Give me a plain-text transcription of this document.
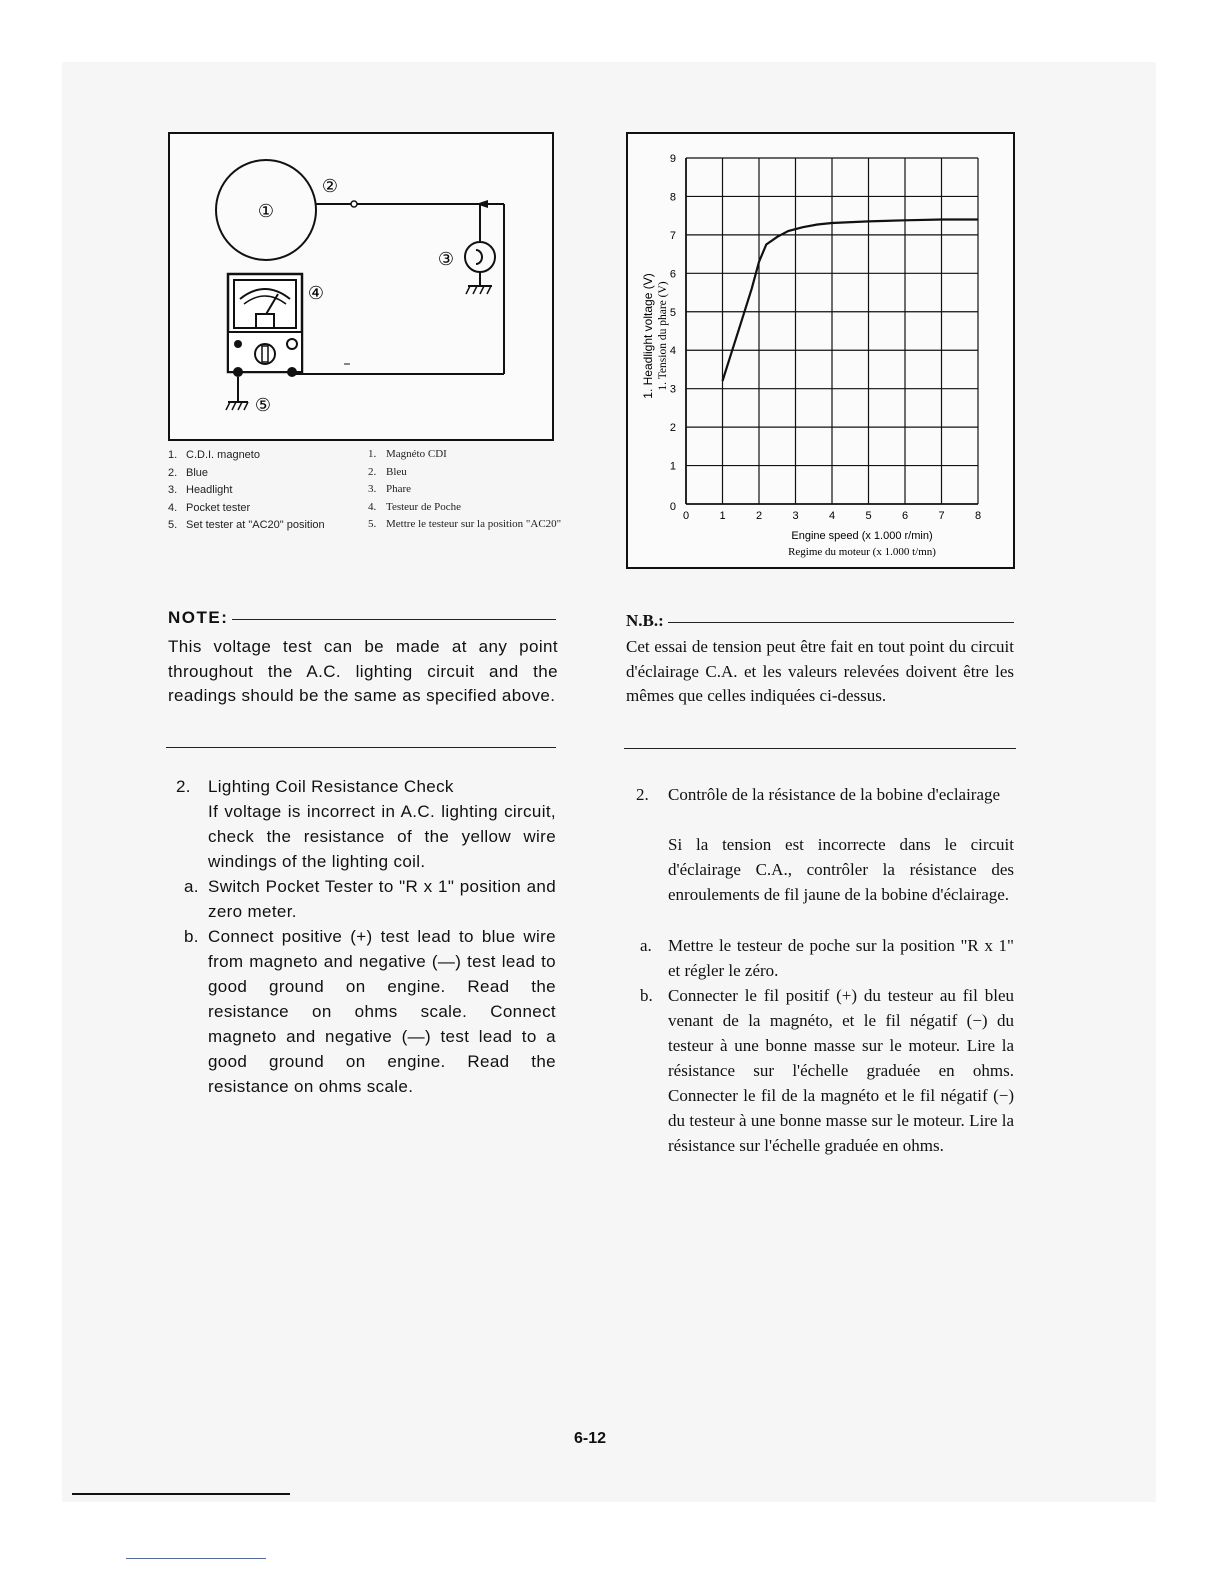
①
②
③
④
⑤
1. C.D.I. magneto
2. Blue
3. Headlight
4. Pocket tester
5. Set tester at "AC20" position
1. Magnéto CDI
2. Bleu
3. Phare
4. Testeur de Poche
5. Mettre le testeur sur la position "AC20"
0	1	2	3	4	5	6	7	8
1
2
3
4
5
6
7
8
9
0
1. Headlight voltage (V) 1. Tension du phare (V)
Engine speed (x 1.000 r/min)
Regime du moteur (x 1.000 t/mn)
NOTE:

This voltage test can be made at any point throughout the A.C. lighting circuit and the readings should be the same as specified above.

N.B.:

Cet essai de tension peut être fait en tout point du circuit d'éclairage C.A. et les valeurs relevées doivent être les mêmes que celles indiquées ci-dessus.

2.	Lighting Coil Resistance Check

If voltage is incorrect in A.C. lighting circuit, check the resistance of the yellow wire windings of the lighting coil.

a. Switch Pocket Tester to "R x 1" position and zero meter.

b. Connect positive (+) test lead to blue wire from magneto and negative (—) test lead to good ground on engine. Read the resistance on ohms scale. Connect magneto and negative (—) test lead to a good ground on engine. Read the resistance on ohms scale.

2.	Contrôle de la résistance de la bobine d'eclairage

Si la tension est incorrecte dans le circuit d'éclairage C.A., contrôler la résistance des enroulements de fil jaune de la bobine d'éclairage.

a. Mettre le testeur de poche sur la position "R x 1" et régler le zéro.

b. Connecter le fil positif (+) du testeur au fil bleu venant de la magnéto, et le fil négatif (−) du testeur à une bonne masse sur le moteur. Lire la résistance sur l'échelle graduée en ohms. Connecter le fil de la magnéto et le fil négatif (−) du testeur à une bonne masse sur le moteur. Lire la résistance sur l'échelle graduée en ohms.

6-12
